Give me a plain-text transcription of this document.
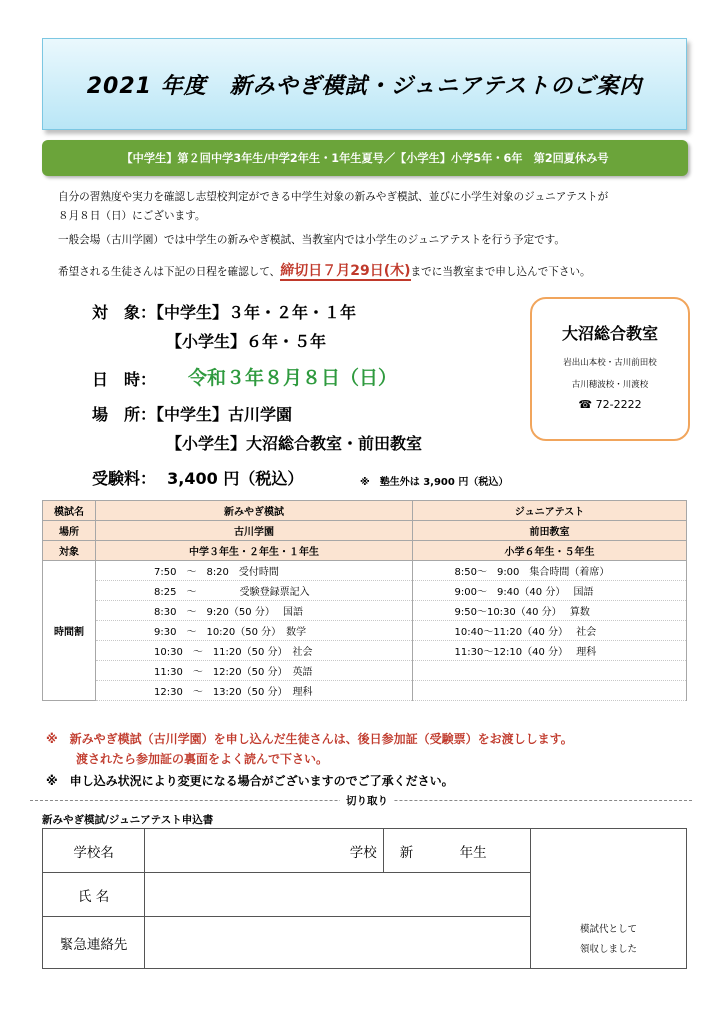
2021 年度　新みやぎ模試・ジュニアテストのご案内
【中学生】第２回中学3年生/中学2年生・1年生夏号／【小学生】小学5年・6年　第2回夏休み号
自分の習熟度や実力を確認し志望校判定ができる中学生対象の新みやぎ模試、並びに小学生対象のジュニアテストが
８月８日（日）にございます。
一般会場（古川学園）では中学生の新みやぎ模試、当教室内では小学生のジュニアテストを行う予定です。
希望される生徒さんは下記の日程を確認して、締切日７月29日(木)までに当教室まで申し込んで下さい。
対　象：【中学生】３年・２年・１年
【小学生】６年・５年
日　時： 令和３年８月８日（日）
場　所：【中学生】古川学園
【小学生】大沼総合教室・前田教室
受験料： 3,400 円（税込）	※　塾生外は 3,900 円（税込）
大沼総合教室
岩出山本校・古川前田校
古川穂波校・川渡校
☎ 72-2222
模試名	新みやぎ模試	ジュニアテスト
場所	古川学園	前田教室
対象	中学３年生・２年生・１年生	小学６年生・５年生
時間割	7:50　～　8:20　受付時間	8:50～　9:00　集合時間（着席）
	8:25　～　　　　 受験登録票記入	9:00～　9:40（40 分）　 国語
	8:30　～　9:20（50 分）　 国語	9:50～10:30（40 分）　 算数
	9:30　～　10:20（50 分）　数学	10:40～11:20（40 分）　 社会
	10:30　～　11:20（50 分）　社会	11:30～12:10（40 分）　 理科
	11:30　～　12:20（50 分）　英語	
	12:30　～　13:20（50 分）　理科	
※　新みやぎ模試（古川学園）を申し込んだ生徒さんは、後日参加証（受験票）をお渡しします。
渡されたら参加証の裏面をよく読んで下さい。
※　申し込み状況により変更になる場合がございますのでご了承ください。
切り取り
新みやぎ模試/ジュニアテスト申込書
学校名	学校	新 年生	模試代として
領収しました

氏 名			
緊急連絡先			
